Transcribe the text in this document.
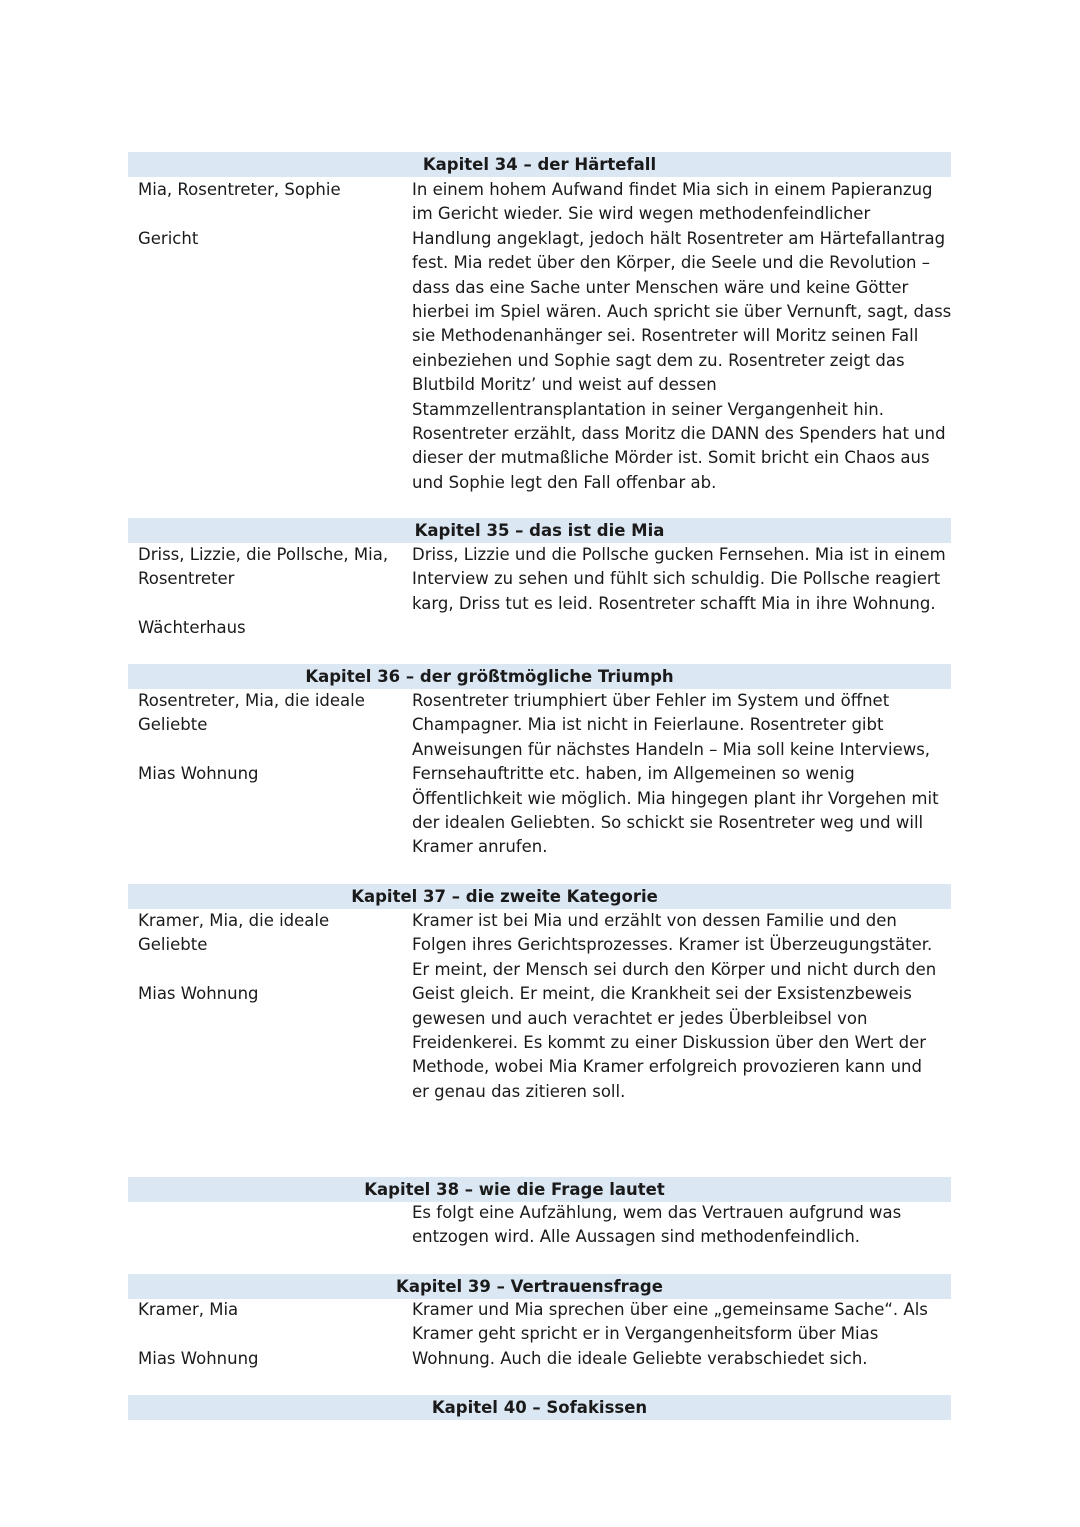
Kapitel 34 – der Härtefall
Mia, Rosentreter, Sophie
Gericht
In einem hohem Aufwand findet Mia sich in einem Papieranzug
im Gericht wieder. Sie wird wegen methodenfeindlicher
Handlung angeklagt, jedoch hält Rosentreter am Härtefallantrag
fest. Mia redet über den Körper, die Seele und die Revolution –
dass das eine Sache unter Menschen wäre und keine Götter
hierbei im Spiel wären. Auch spricht sie über Vernunft, sagt, dass
sie Methodenanhänger sei. Rosentreter will Moritz seinen Fall
einbeziehen und Sophie sagt dem zu. Rosentreter zeigt das
Blutbild Moritz’ und weist auf dessen
Stammzellentransplantation in seiner Vergangenheit hin.
Rosentreter erzählt, dass Moritz die DANN des Spenders hat und
dieser der mutmaßliche Mörder ist. Somit bricht ein Chaos aus
und Sophie legt den Fall offenbar ab.
Kapitel 35 – das ist die Mia
Driss, Lizzie, die Pollsche, Mia,
Rosentreter
Wächterhaus
Driss, Lizzie und die Pollsche gucken Fernsehen. Mia ist in einem
Interview zu sehen und fühlt sich schuldig. Die Pollsche reagiert
karg, Driss tut es leid. Rosentreter schafft Mia in ihre Wohnung.
Kapitel 36 – der größtmögliche Triumph
Rosentreter, Mia, die ideale
Geliebte
Mias Wohnung
Rosentreter triumphiert über Fehler im System und öffnet
Champagner. Mia ist nicht in Feierlaune. Rosentreter gibt
Anweisungen für nächstes Handeln – Mia soll keine Interviews,
Fernsehauftritte etc. haben, im Allgemeinen so wenig
Öffentlichkeit wie möglich. Mia hingegen plant ihr Vorgehen mit
der idealen Geliebten. So schickt sie Rosentreter weg und will
Kramer anrufen.
Kapitel 37 – die zweite Kategorie
Kramer, Mia, die ideale
Geliebte
Mias Wohnung
Kramer ist bei Mia und erzählt von dessen Familie und den
Folgen ihres Gerichtsprozesses. Kramer ist Überzeugungstäter.
Er meint, der Mensch sei durch den Körper und nicht durch den
Geist gleich. Er meint, die Krankheit sei der Exsistenzbeweis
gewesen und auch verachtet er jedes Überbleibsel von
Freidenkerei. Es kommt zu einer Diskussion über den Wert der
Methode, wobei Mia Kramer erfolgreich provozieren kann und
er genau das zitieren soll.
Kapitel 38 – wie die Frage lautet
Es folgt eine Aufzählung, wem das Vertrauen aufgrund was
entzogen wird. Alle Aussagen sind methodenfeindlich.
Kapitel 39 – Vertrauensfrage
Kramer, Mia
Mias Wohnung
Kramer und Mia sprechen über eine „gemeinsame Sache“. Als
Kramer geht spricht er in Vergangenheitsform über Mias
Wohnung. Auch die ideale Geliebte verabschiedet sich.
Kapitel 40 – Sofakissen
